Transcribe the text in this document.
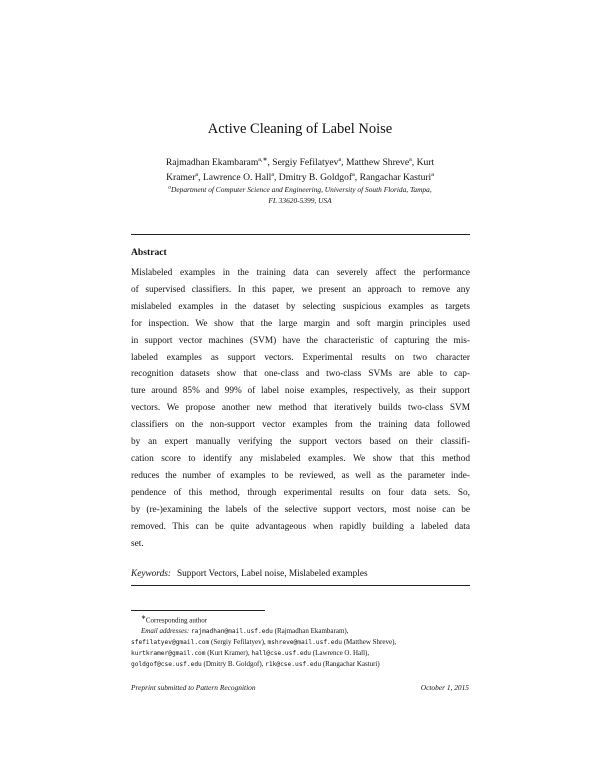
Active Cleaning of Label Noise
Rajmadhan Ekambaram$^{a,∗}$, Sergiy Fefilatyev$^a$, Matthew Shreve$^a$, Kurt
Kramer$^a$, Lawrence O. Hall$^a$, Dmitry B. Goldgof$^a$, Rangachar Kasturi$^a$
$^a$Department of Computer Science and Engineering, University of South Florida, Tampa,
FL 33620-5399, USA
Abstract
Mislabeled examples in the training data can severely affect the performance
of supervised classifiers. In this paper, we present an approach to remove any
mislabeled examples in the dataset by selecting suspicious examples as targets
for inspection. We show that the large margin and soft margin principles used
in support vector machines (SVM) have the characteristic of capturing the mis-
labeled examples as support vectors. Experimental results on two character
recognition datasets show that one-class and two-class SVMs are able to cap-
ture around 85% and 99% of label noise examples, respectively, as their support
vectors. We propose another new method that iteratively builds two-class SVM
classifiers on the non-support vector examples from the training data followed
by an expert manually verifying the support vectors based on their classifi-
cation score to identify any mislabeled examples. We show that this method
reduces the number of examples to be reviewed, as well as the parameter inde-
pendence of this method, through experimental results on four data sets. So,
by (re-)examining the labels of the selective support vectors, most noise can be
removed. This can be quite advantageous when rapidly building a labeled data
set.
Keywords: Support Vectors, Label noise, Mislabeled examples
∗Corresponding author
Email addresses: rajmadhan@mail.usf.edu (Rajmadhan Ekambaram),
sfefilatyev@gmail.com (Sergiy Fefilatyev), mshreve@mail.usf.edu (Matthew Shreve),
kurtkramer@gmail.com (Kurt Kramer), hall@cse.usf.edu (Lawrence O. Hall),
goldgof@cse.usf.edu (Dmitry B. Goldgof), r1k@cse.usf.edu (Rangachar Kasturi)
Preprint submitted to Pattern Recognition	October 1, 2015
